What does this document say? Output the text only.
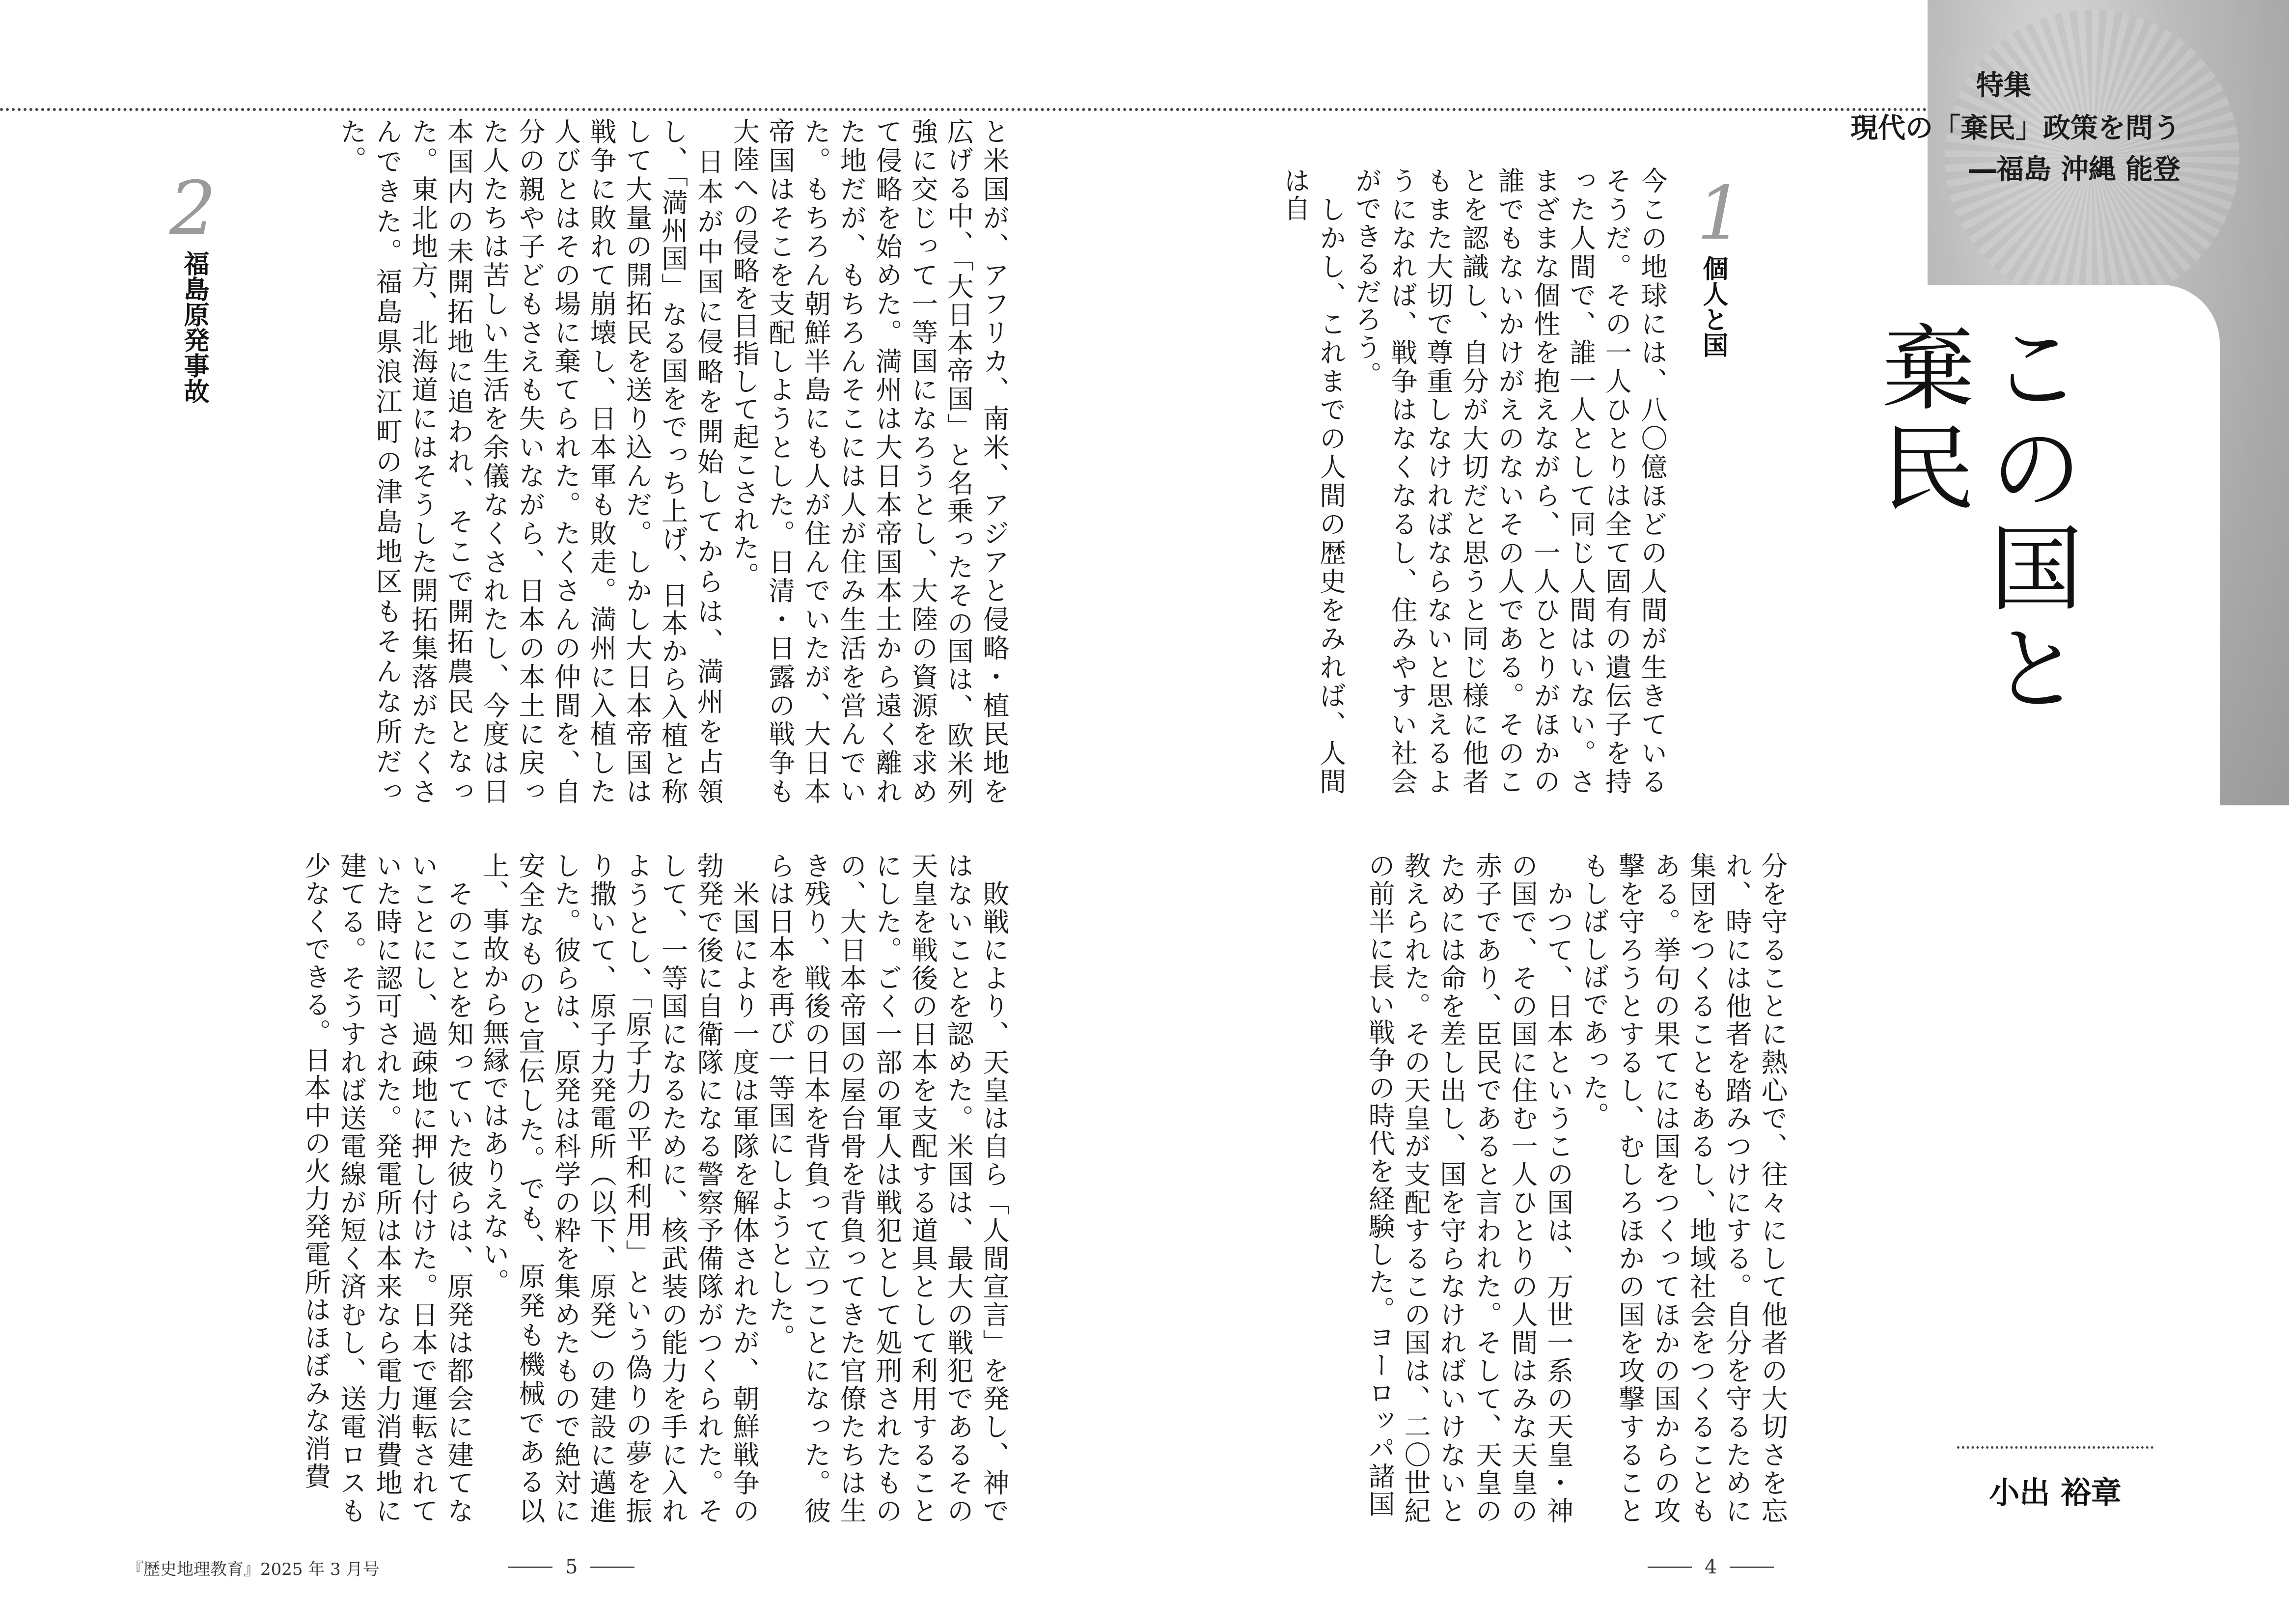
特集
現代の「棄民」政策を問う
―福島 沖縄 能登
この国と棄民
1
個人と国
今この地球には、八〇億ほどの人間が生きているそうだ。その一人ひとりは全て固有の遺伝子を持った人間で、誰一人として同じ人間はいない。さまざまな個性を抱えながら、一人ひとりがほかの誰でもないかけがえのないその人である。そのことを認識し、自分が大切だと思うと同じ様に他者もまた大切で尊重しなければならないと思えるようになれば、戦争はなくなるし、住みやすい社会ができるだろう。
　しかし、これまでの人間の歴史をみれば、人間は自
分を守ることに熱心で、往々にして他者の大切さを忘れ、時には他者を踏みつけにする。自分を守るために集団をつくることもあるし、地域社会をつくることもある。挙句の果てには国をつくってほかの国からの攻撃を守ろうとするし、むしろほかの国を攻撃することもしばしばであった。
　かつて、日本というこの国は、万世一系の天皇・神の国で、その国に住む一人ひとりの人間はみな天皇の赤子であり、臣民であると言われた。そして、天皇のためには命を差し出し、国を守らなければいけないと教えられた。その天皇が支配するこの国は、二〇世紀の前半に長い戦争の時代を経験した。ヨーロッパ諸国	小出 裕章
4
2
福島原発事故	と米国が、アフリカ、南米、アジアと侵略・植民地を広げる中、「大日本帝国」と名乗ったその国は、欧米列強に交じって一等国になろうとし、大陸の資源を求めて侵略を始めた。満州は大日本帝国本土から遠く離れた地だが、もちろんそこには人が住み生活を営んでいた。もちろん朝鮮半島にも人が住んでいたが、大日本帝国はそこを支配しようとした。日清・日露の戦争も大陸への侵略を目指して起こされた。
　日本が中国に侵略を開始してからは、満州を占領し、「満州国」なる国をでっち上げ、日本から入植と称して大量の開拓民を送り込んだ。しかし大日本帝国は戦争に敗れて崩壊し、日本軍も敗走。満州に入植した人びとはその場に棄てられた。たくさんの仲間を、自分の親や子どもさえも失いながら、日本の本土に戻った人たちは苦しい生活を余儀なくされたし、今度は日本国内の未開拓地に追われ、そこで開拓農民となった。東北地方、北海道にはそうした開拓集落がたくさんできた。福島県浪江町の津島地区もそんな所だった。
　敗戦により、天皇は自ら「人間宣言」を発し、神ではないことを認めた。米国は、最大の戦犯であるその天皇を戦後の日本を支配する道具として利用することにした。ごく一部の軍人は戦犯として処刑されたものの、大日本帝国の屋台骨を背負ってきた官僚たちは生き残り、戦後の日本を背負って立つことになった。彼らは日本を再び一等国にしようとした。
　米国により一度は軍隊を解体されたが、朝鮮戦争の勃発で後に自衛隊になる警察予備隊がつくられた。そして、一等国になるために、核武装の能力を手に入れようとし、「原子力の平和利用」という偽りの夢を振り撒いて、原子力発電所（以下、原発）の建設に邁進した。彼らは、原発は科学の粋を集めたもので絶対に安全なものと宣伝した。でも、原発も機械である以上、事故から無縁ではありえない。
　そのことを知っていた彼らは、原発は都会に建てないことにし、過疎地に押し付けた。日本で運転されていた時に認可された。発電所は本来なら電力消費地に建てる。そうすれば送電線が短く済むし、送電ロスも少なくできる。日本中の火力発電所はほぼみな消費
5
『歴史地理教育』2025 年 3 月号
